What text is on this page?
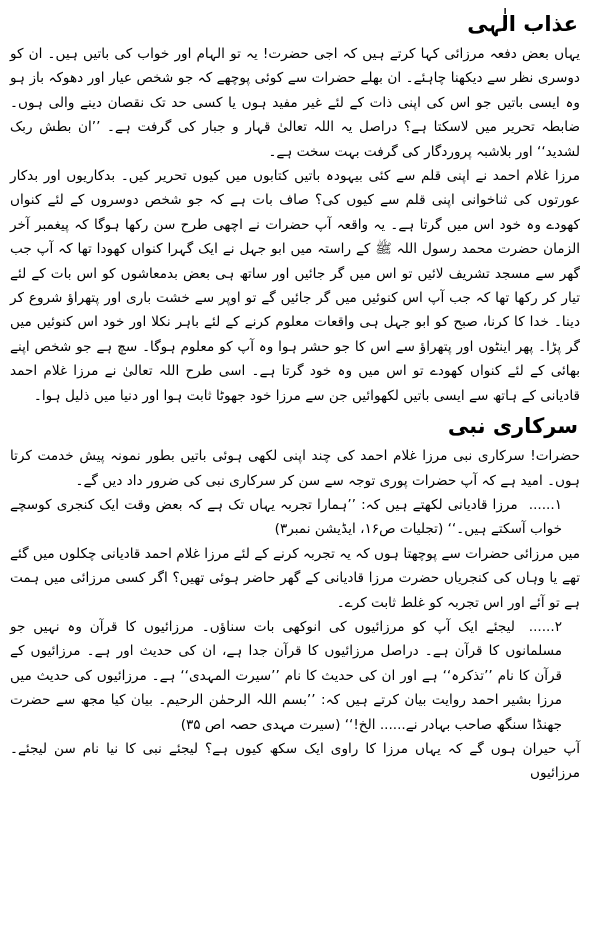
عذاب الٰہی

یہاں بعض دفعہ مرزائی کہا کرتے ہیں کہ اجی حضرت! یہ تو الہام اور خواب کی باتیں ہیں۔ ان کو دوسری نظر سے دیکھنا چاہئے۔ ان بھلے حضرات سے کوئی پوچھے کہ جو شخص عیار اور دھوکہ باز ہو وہ ایسی باتیں جو اس کی اپنی ذات کے لئے غیر مفید ہوں یا کسی حد تک نقصان دینے والی ہوں۔ ضابطہ تحریر میں لاسکتا ہے؟ دراصل یہ اللہ تعالیٰ قہار و جبار کی گرفت ہے۔ ’’ان بطش ربک لشدید‘‘ اور بلاشبہ پروردگار کی گرفت بہت سخت ہے۔

مرزا غلام احمد نے اپنی قلم سے کئی بیہودہ باتیں کتابوں میں کیوں تحریر کیں۔ بدکاریوں اور بدکار عورتوں کی ثناخوانی اپنی قلم سے کیوں کی؟ صاف بات ہے کہ جو شخص دوسروں کے لئے کنواں کھودے وہ خود اس میں گرتا ہے۔ یہ واقعہ آپ حضرات نے اچھی طرح سن رکھا ہوگا کہ پیغمبر آخر الزمان حضرت محمد رسول اللہ ﷺ کے راستہ میں ابو جہل نے ایک گہرا کنواں کھودا تھا کہ آپ جب گھر سے مسجد تشریف لائیں تو اس میں گر جائیں اور ساتھ ہی بعض بدمعاشوں کو اس بات کے لئے تیار کر رکھا تھا کہ جب آپ اس کنوئیں میں گر جائیں گے تو اوپر سے خشت باری اور پتھراؤ شروع کر دینا۔ خدا کا کرنا، صبح کو ابو جہل ہی واقعات معلوم کرنے کے لئے باہر نکلا اور خود اس کنوئیں میں گر پڑا۔ پھر اینٹوں اور پتھراؤ سے اس کا جو حشر ہوا وہ آپ کو معلوم ہوگا۔ سچ ہے جو شخص اپنے بھائی کے لئے کنواں کھودے تو اس میں وہ خود گرتا ہے۔ اسی طرح اللہ تعالیٰ نے مرزا غلام احمد قادیانی کے ہاتھ سے ایسی باتیں لکھوائیں جن سے مرزا خود جھوٹا ثابت ہوا اور دنیا میں ذلیل ہوا۔

سرکاری نبی

حضرات! سرکاری نبی مرزا غلام احمد کی چند اپنی لکھی ہوئی باتیں بطور نمونہ پیش خدمت کرتا ہوں۔ امید ہے کہ آپ حضرات پوری توجہ سے سن کر سرکاری نبی کی ضرور داد دیں گے۔

۱...... مرزا قادیانی لکھتے ہیں کہ: ’’ہمارا تجربہ یہاں تک ہے کہ بعض وقت ایک کنجری کوسچے خواب آسکتے ہیں۔‘‘ (تجلیات ص۱۶، ایڈیشن نمبر۳)

میں مرزائی حضرات سے پوچھتا ہوں کہ یہ تجربہ کرنے کے لئے مرزا غلام احمد قادیانی چکلوں میں گئے تھے یا وہاں کی کنجریاں حضرت مرزا قادیانی کے گھر حاضر ہوئی تھیں؟ اگر کسی مرزائی میں ہمت ہے تو آئے اور اس تجربہ کو غلط ثابت کرے۔

۲...... لیجئے ایک آپ کو مرزائیوں کی انوکھی بات سناؤں۔ مرزائیوں کا قرآن وہ نہیں جو مسلمانوں کا قرآن ہے۔ دراصل مرزائیوں کا قرآن جدا ہے، ان کی حدیث اور ہے۔ مرزائیوں کے قرآن کا نام ’’تذکرہ‘‘ ہے اور ان کی حدیث کا نام ’’سیرت المہدی‘‘ ہے۔ مرزائیوں کی حدیث میں مرزا بشیر احمد روایت بیان کرتے ہیں کہ: ’’بسم اللہ الرحمٰن الرحیم۔ بیان کیا مجھ سے حضرت جھنڈا سنگھ صاحب بہادر نے...... الخ!‘‘ (سیرت مہدی حصہ اص ۳۵)

آپ حیران ہوں گے کہ یہاں مرزا کا راوی ایک سکھ کیوں ہے؟ لیجئے نبی کا نیا نام سن لیجئے۔ مرزائیوں
